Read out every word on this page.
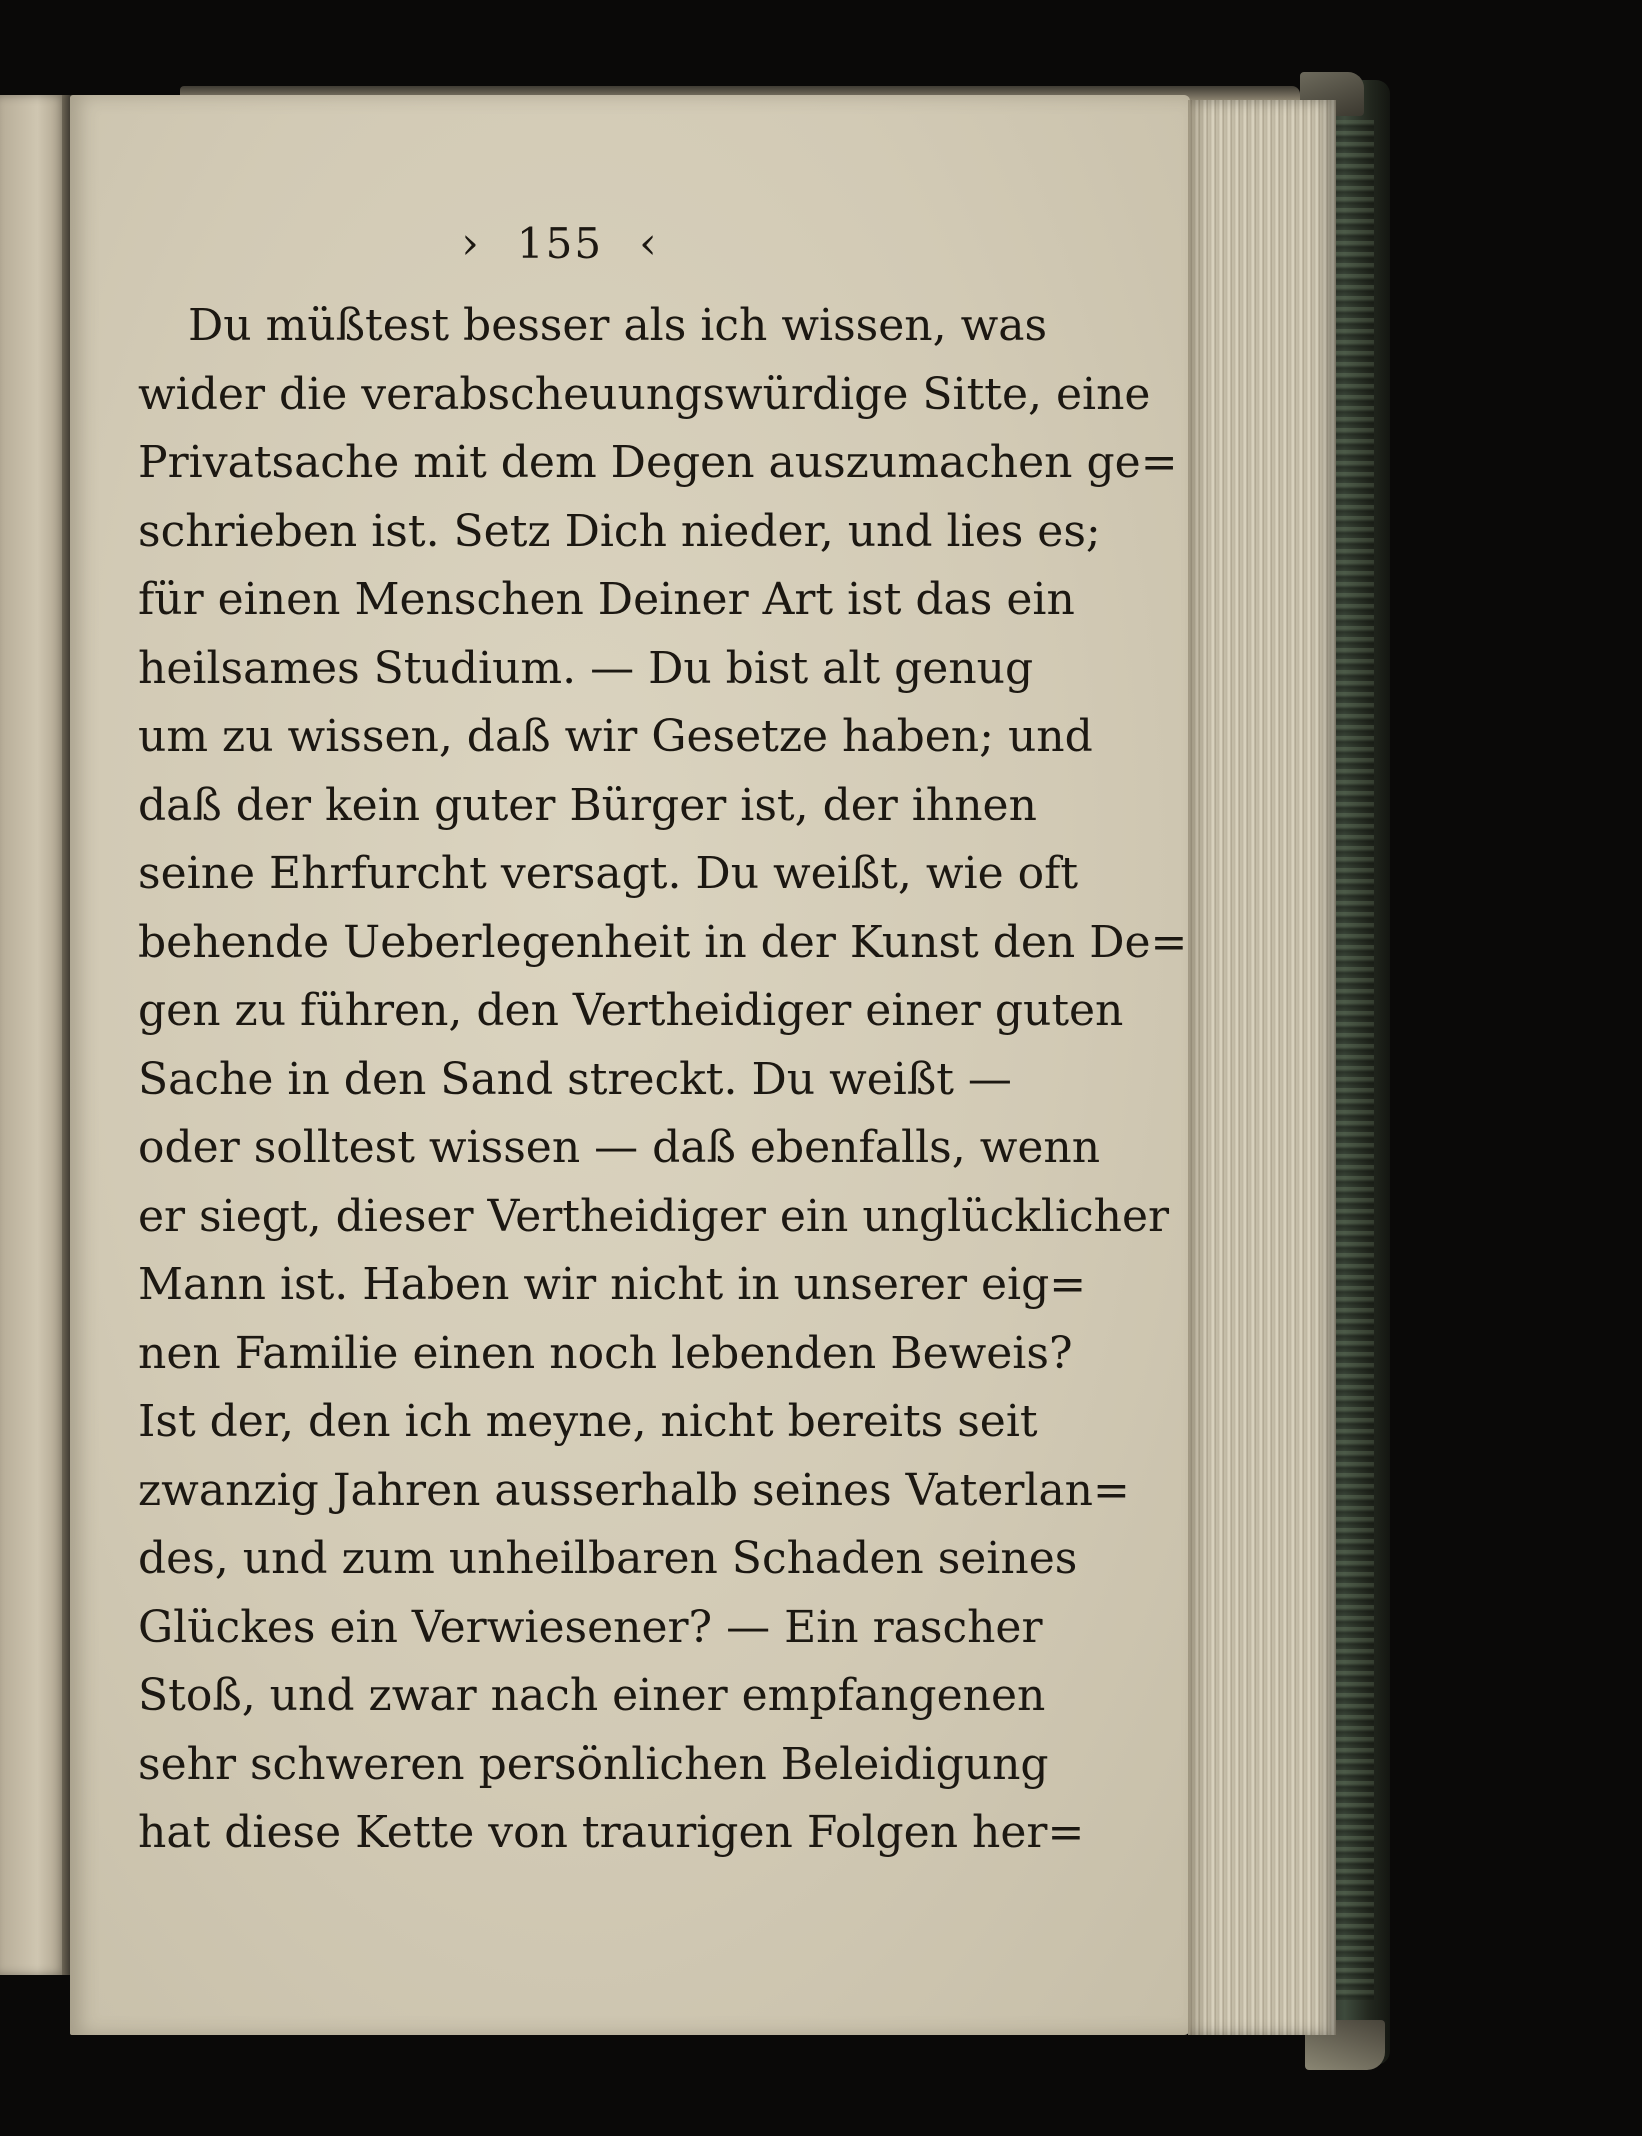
› 155 ‹
Du müßtest besser als ich wissen, was
wider die verabscheuungswürdige Sitte, eine
Privatsache mit dem Degen auszumachen ge=
schrieben ist. Setz Dich nieder, und lies es;
für einen Menschen Deiner Art ist das ein
heilsames Studium. — Du bist alt genug
um zu wissen, daß wir Gesetze haben; und
daß der kein guter Bürger ist, der ihnen
seine Ehrfurcht versagt. Du weißt, wie oft
behende Ueberlegenheit in der Kunst den De=
gen zu führen, den Vertheidiger einer guten
Sache in den Sand streckt. Du weißt —
oder solltest wissen — daß ebenfalls, wenn
er siegt, dieser Vertheidiger ein unglücklicher
Mann ist. Haben wir nicht in unserer eig=
nen Familie einen noch lebenden Beweis?
Ist der, den ich meyne, nicht bereits seit
zwanzig Jahren ausserhalb seines Vaterlan=
des, und zum unheilbaren Schaden seines
Glückes ein Verwiesener? — Ein rascher
Stoß, und zwar nach einer empfangenen
sehr schweren persönlichen Beleidigung
hat diese Kette von traurigen Folgen her=
